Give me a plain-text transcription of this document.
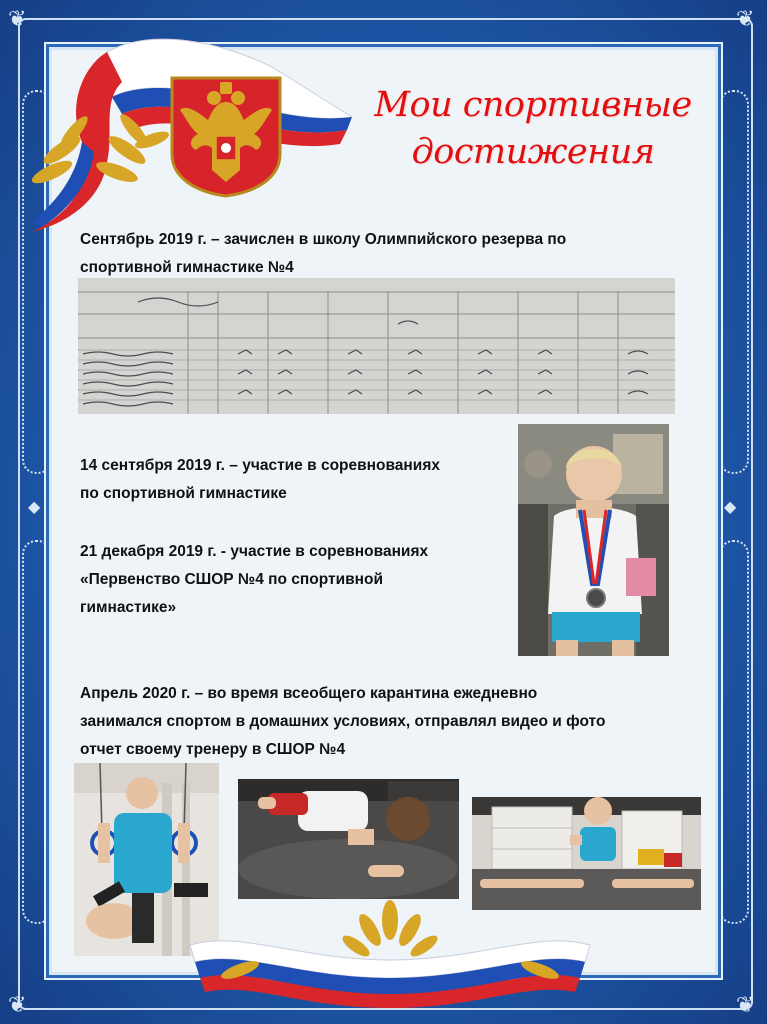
❦	❦
❦	❦
◆	◆
Мои спортивные
достижения
Сентябрь 2019 г. – зачислен в школу Олимпийского резерва по
спортивной гимнастике №4
14 сентября 2019 г. – участие в соревнованиях
по спортивной гимнастике
21 декабря 2019 г. - участие в соревнованиях
«Первенство СШОР №4 по спортивной
гимнастике»
Апрель 2020 г. – во время всеобщего карантина ежедневно
занимался спортом в домашних условиях, отправлял видео и фото
отчет своему тренеру в СШОР №4
